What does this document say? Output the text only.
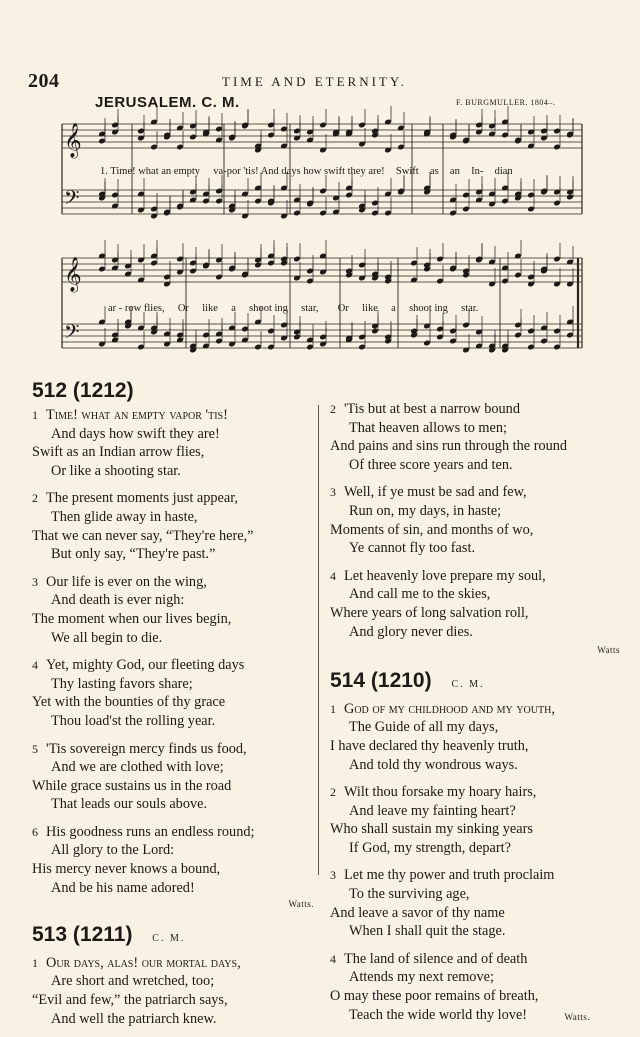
204	TIME AND ETERNITY.
JERUSALEM. C. M.	F. BURGMULLER. 1804–.
𝄞
𝄢
𝄞
𝄢
1. Time! what an empty va-por 'tis! And days how swift they are! Swift as an In- dian
ar - row flies, Or like a shoot ing star, Or like a shoot ing star.
512 (1212)
1 Time! what an empty vapor 'tis!
And days how swift they are!
Swift as an Indian arrow flies,
Or like a shooting star.
2 The present moments just appear,
Then glide away in haste,
That we can never say, “They're here,”
But only say, “They're past.”
3 Our life is ever on the wing,
And death is ever nigh:
The moment when our lives begin,
We all begin to die.
4 Yet, mighty God, our fleeting days
Thy lasting favors share;
Yet with the bounties of thy grace
Thou load'st the rolling year.
5 'Tis sovereign mercy finds us food,
And we are clothed with love;
While grace sustains us in the road
That leads our souls above.
6 His goodness runs an endless round;
All glory to the Lord:
His mercy never knows a bound,
And be his name adored!
Watts.
513 (1211) C. M.
1 Our days, alas! our mortal days,
Are short and wretched, too;
“Evil and few,” the patriarch says,
And well the patriarch knew.
2 'Tis but at best a narrow bound
That heaven allows to men;
And pains and sins run through the round
Of three score years and ten.
3 Well, if ye must be sad and few,
Run on, my days, in haste;
Moments of sin, and months of wo,
Ye cannot fly too fast.
4 Let heavenly love prepare my soul,
And call me to the skies,
Where years of long salvation roll,
And glory never dies.
Watts
514 (1210) C. M.
1 God of my childhood and my youth,
The Guide of all my days,
I have declared thy heavenly truth,
And told thy wondrous ways.
2 Wilt thou forsake my hoary hairs,
And leave my fainting heart?
Who shall sustain my sinking years
If God, my strength, depart?
3 Let me thy power and truth proclaim
To the surviving age,
And leave a savor of thy name
When I shall quit the stage.
4 The land of silence and of death
Attends my next remove;
O may these poor remains of breath,
Teach the wide world thy love!	Watts.
